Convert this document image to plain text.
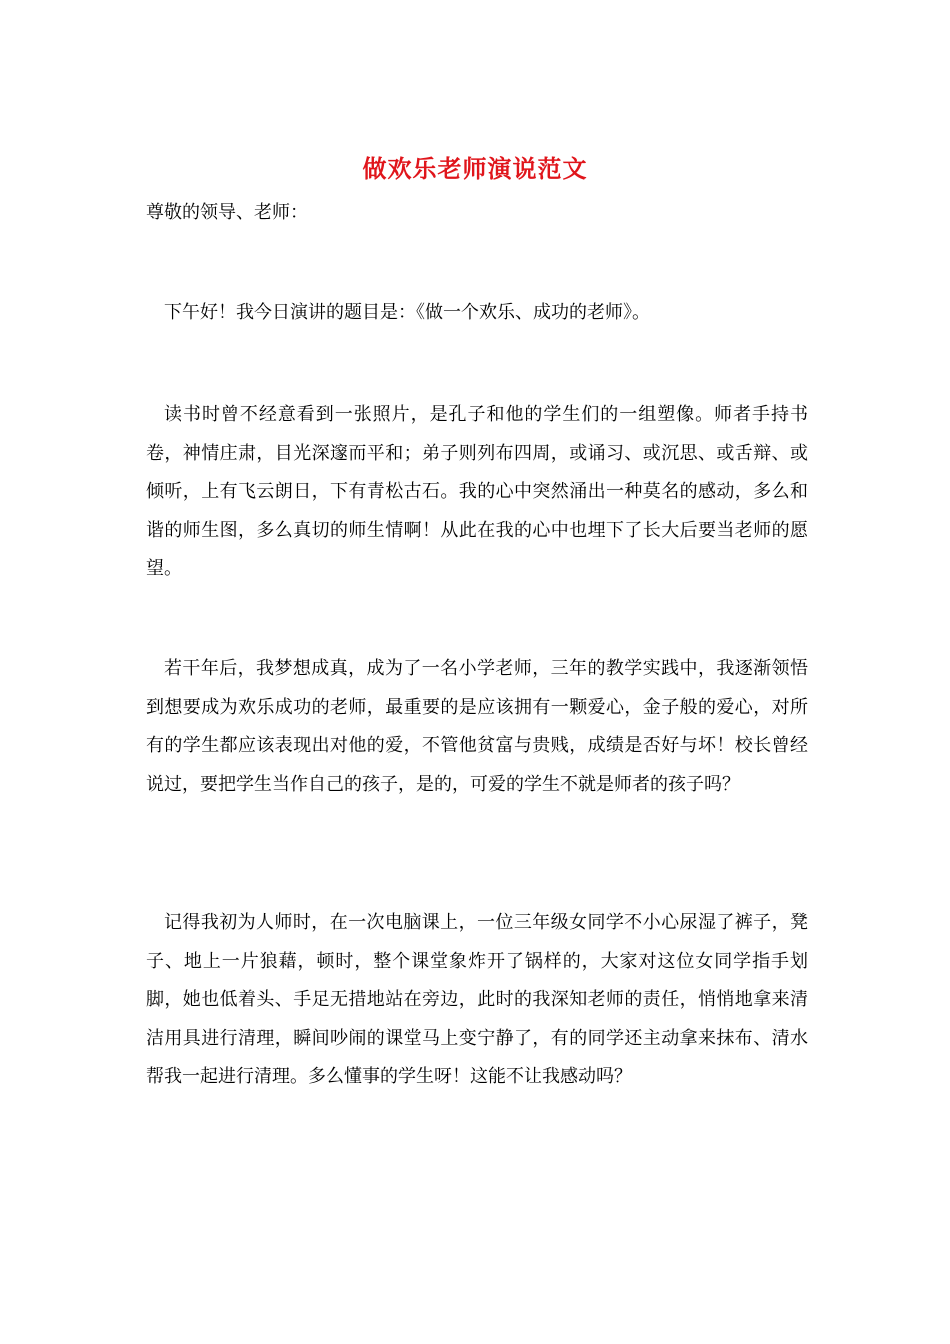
做欢乐老师演说范文
尊敬的领导、老师：

下午好！我今日演讲的题目是：《做一个欢乐、成功的老师》。

读书时曾不经意看到一张照片，是孔子和他的学生们的一组塑像。师者手持书卷，神情庄肃，目光深邃而平和；弟子则列布四周，或诵习、或沉思、或舌辩、或倾听，上有飞云朗日，下有青松古石。我的心中突然涌出一种莫名的感动，多么和谐的师生图，多么真切的师生情啊！从此在我的心中也埋下了长大后要当老师的愿望。

若干年后，我梦想成真，成为了一名小学老师，三年的教学实践中，我逐渐领悟到想要成为欢乐成功的老师，最重要的是应该拥有一颗爱心，金子般的爱心，对所有的学生都应该表现出对他的爱，不管他贫富与贵贱，成绩是否好与坏！校长曾经说过，要把学生当作自己的孩子，是的，可爱的学生不就是师者的孩子吗？

记得我初为人师时，在一次电脑课上，一位三年级女同学不小心尿湿了裤子，凳子、地上一片狼藉，顿时，整个课堂象炸开了锅样的，大家对这位女同学指手划脚，她也低着头、手足无措地站在旁边，此时的我深知老师的责任，悄悄地拿来清洁用具进行清理，瞬间吵闹的课堂马上变宁静了，有的同学还主动拿来抹布、清水帮我一起进行清理。多么懂事的学生呀！这能不让我感动吗？
